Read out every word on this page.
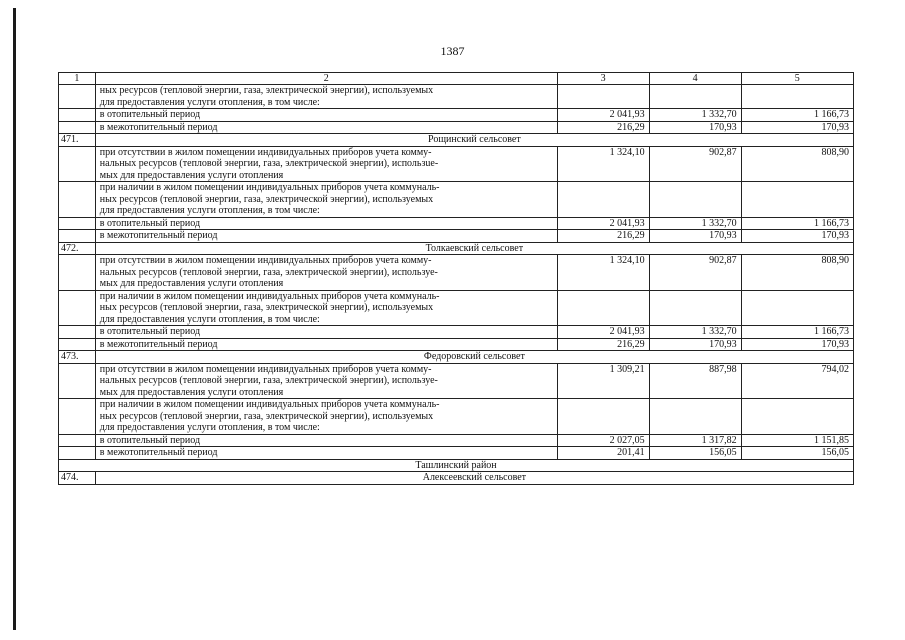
1387
1	2	3	4	5

	ных ресурсов (тепловой энергии, газа, электрической энергии), используемых
для предоставления услуги отопления, в том числе:			

	в отопительный период	2 041,93	1 332,70	1 166,73

	в межотопительный период	216,29	170,93	170,93
471.	Рощинский сельсовет			

	при отсутствии в жилом помещении индивидуальных приборов учета комму-
нальных ресурсов (тепловой энергии, газа, электрической энергии), использue-
мых для предоставления услуги отопления	1 324,10	902,87	808,90

	при наличии в жилом помещении индивидуальных приборов учета коммуналь-
ных ресурсов (тепловой энергии, газа, электрической энергии), используемых
для предоставления услуги отопления, в том числе:			

	в отопительный период	2 041,93	1 332,70	1 166,73

	в межотопительный период	216,29	170,93	170,93
472.	Толкаевский сельсовет			

	при отсутствии в жилом помещении индивидуальных приборов учета комму-
нальных ресурсов (тепловой энергии, газа, электрической энергии), используе-
мых для предоставления услуги отопления	1 324,10	902,87	808,90

	при наличии в жилом помещении индивидуальных приборов учета коммуналь-
ных ресурсов (тепловой энергии, газа, электрической энергии), используемых
для предоставления услуги отопления, в том числе:			

	в отопительный период	2 041,93	1 332,70	1 166,73

	в межотопительный период	216,29	170,93	170,93
473.	Федоровский сельсовет			

	при отсутствии в жилом помещении индивидуальных приборов учета комму-
нальных ресурсов (тепловой энергии, газа, электрической энергии), используе-
мых для предоставления услуги отопления	1 309,21	887,98	794,02

	при наличии в жилом помещении индивидуальных приборов учета коммуналь-
ных ресурсов (тепловой энергии, газа, электрической энергии), используемых
для предоставления услуги отопления, в том числе:			

	в отопительный период	2 027,05	1 317,82	1 151,85

	в межотопительный период	201,41	156,05	156,05
Ташлинский район				
474.	Алексеевский сельсовет			
